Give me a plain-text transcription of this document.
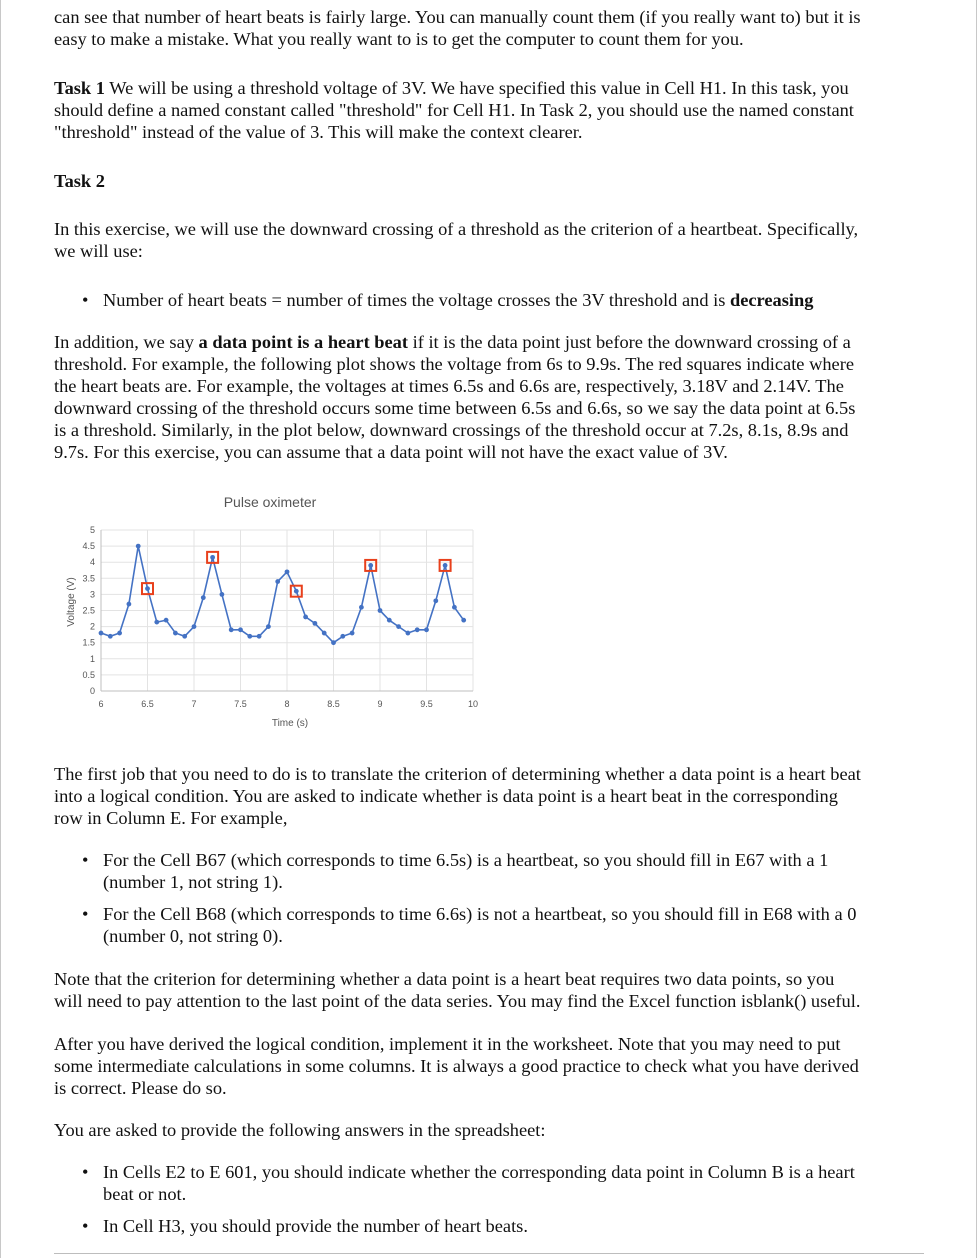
can see that number of heart beats is fairly large. You can manually count them (if you really want to) but it is
easy to make a mistake. What you really want to is to get the computer to count them for you.

Task 1 We will be using a threshold voltage of 3V. We have specified this value in Cell H1. In this task, you
should define a named constant called "threshold" for Cell H1. In Task 2, you should use the named constant
"threshold" instead of the value of 3. This will make the context clearer.

Task 2

In this exercise, we will use the downward crossing of a threshold as the criterion of a heartbeat. Specifically,
we will use:

• Number of heart beats = number of times the voltage crosses the 3V threshold and is decreasing

In addition, we say a data point is a heart beat if it is the data point just before the downward crossing of a
threshold. For example, the following plot shows the voltage from 6s to 9.9s. The red squares indicate where
the heart beats are. For example, the voltages at times 6.5s and 6.6s are, respectively, 3.18V and 2.14V. The
downward crossing of the threshold occurs some time between 6.5s and 6.6s, so we say the data point at 6.5s
is a threshold. Similarly, in the plot below, downward crossings of the threshold occur at 7.2s, 8.1s, 8.9s and
9.7s. For this exercise, you can assume that a data point will not have the exact value of 3V.

Pulse oximeter
Voltage (V)
Time (s)
0
0.5
1
1.5
2
2.5
3
3.5
4
4.5
5
6	6.5	7	7.5	8	8.5	9	9.5	10

The first job that you need to do is to translate the criterion of determining whether a data point is a heart beat
into a logical condition. You are asked to indicate whether is data point is a heart beat in the corresponding
row in Column E. For example,

• For the Cell B67 (which corresponds to time 6.5s) is a heartbeat, so you should fill in E67 with a 1
(number 1, not string 1).
• For the Cell B68 (which corresponds to time 6.6s) is not a heartbeat, so you should fill in E68 with a 0
(number 0, not string 0).

Note that the criterion for determining whether a data point is a heart beat requires two data points, so you
will need to pay attention to the last point of the data series. You may find the Excel function isblank() useful.

After you have derived the logical condition, implement it in the worksheet. Note that you may need to put
some intermediate calculations in some columns. It is always a good practice to check what you have derived
is correct. Please do so.

You are asked to provide the following answers in the spreadsheet:

• In Cells E2 to E 601, you should indicate whether the corresponding data point in Column B is a heart
beat or not.
• In Cell H3, you should provide the number of heart beats.
